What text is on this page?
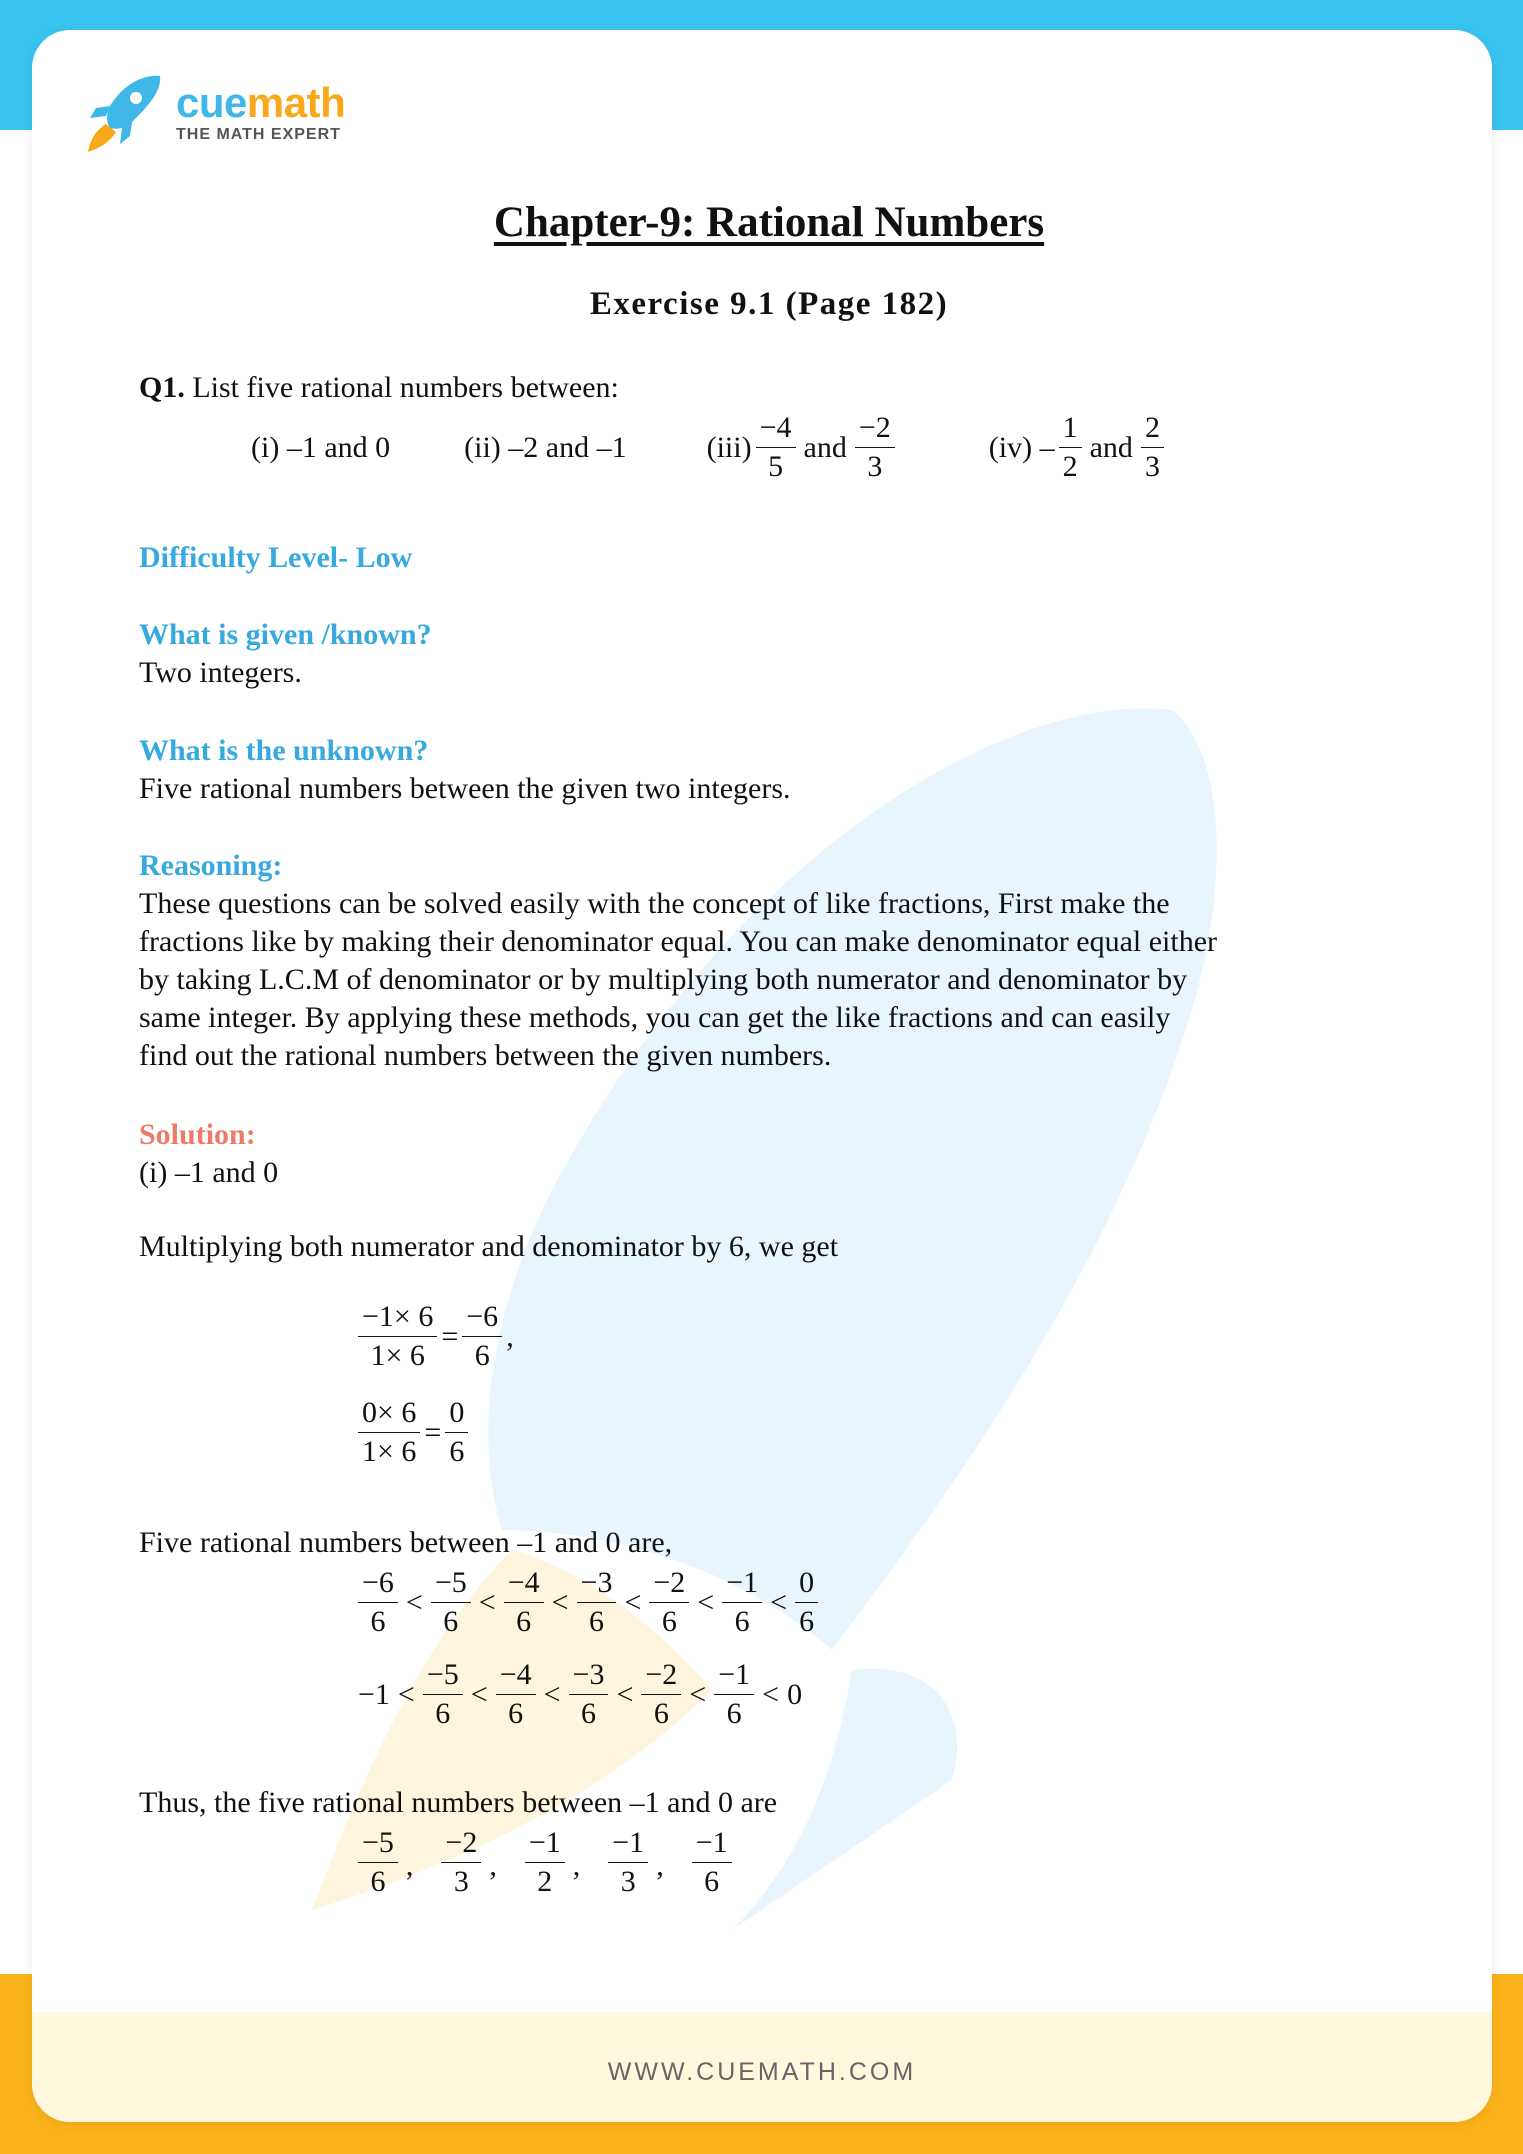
cuemath
THE MATH EXPERT
Chapter-9: Rational Numbers
Exercise 9.1 (Page 182)
Q1. List five rational numbers between:
(i) –1 and 0 (ii) –2 and –1	$(iii) \frac{-4}{5}$ and $\frac{-2}{3}$	$(iv) - \frac{1}{2}$ and $\frac{2}{3}$
Difficulty Level- Low
What is given /known?
Two integers.
What is the unknown?
Five rational numbers between the given two integers.
Reasoning:
These questions can be solved easily with the concept of like fractions, First make the
fractions like by making their denominator equal. You can make denominator equal either
by taking L.C.M of denominator or by multiplying both numerator and denominator by
same integer. By applying these methods, you can get the like fractions and can easily
find out the rational numbers between the given numbers.
Solution:
(i) –1 and 0
Multiplying both numerator and denominator by 6, we get
$\frac{-1\times 6}{1\times 6} = \frac{-6}{6}$ ,
$\frac{0\times 6}{1\times 6} = \frac{0}{6}$
Five rational numbers between –1 and 0 are,
$\frac{-6}{6} < \frac{-5}{6} < \frac{-4}{6} < \frac{-3}{6} < \frac{-2}{6} < \frac{-1}{6} < \frac{0}{6}$
$-1 < \frac{-5}{6} < \frac{-4}{6} < \frac{-3}{6} < \frac{-2}{6} < \frac{-1}{6} < 0$
Thus, the five rational numbers between –1 and 0 are
$\frac{-5}{6}$ , $\frac{-2}{3}$ , $\frac{-1}{2}$ , $\frac{-1}{3}$ , $\frac{-1}{6}$
WWW.CUEMATH.COM
